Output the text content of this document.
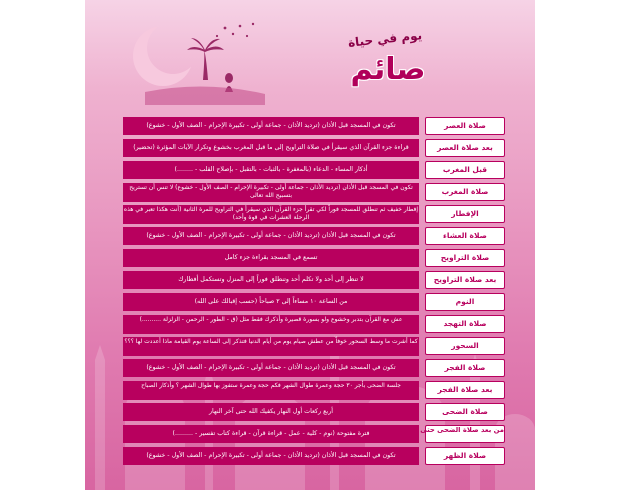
يوم في حياة
صائم
تكون في المسجد قبل الأذان (ترديد الأذان - جماعة أولى - تكبيرة الإحرام - الصف الأول - خشوع)	صلاة العصر
قراءة جزء القرآن الذي سيقرأ في صلاة التراويح إلى ما قبل المغرب بخشوع وتكرار الآيات المؤثرة (تحضير)	بعد صلاة العصر
أذكار المساء - الدعاء (بالمغفرة - بالثبات - بالتقبل - بإصلاح القلب - ........)	قبل المغرب
تكون في المسجد قبل الأذان (ترديد الأذان - جماعة أولى - تكبيرة الإحرام - الصف الأول - خشوع) لا تنس أن تستريح بتسبيح الله تعالى	صلاة المغرب
إفطار خفيف ثم تنطلق للمسجد فوراً لكي تقرأ جزء القرآن الذي سيقرأ في التراويح للمرة الثانية (أنت هكذا تعبر في هذه الرحلة العشرات في قوة وأحد)	الإفطار
تكون في المسجد قبل الأذان (ترديد الأذان - جماعة أولى - تكبيرة الإحرام - الصف الأول - خشوع)	صلاة العشاء
تسمع في المسجد بقراءة جزء كامل	صلاة التراويح
لا تنظر إلى أحد ولا تكلم أحد وتنطلق فوراً إلى المنزل وتستكمل أفطارك	بعد صلاة التراويح
من الساعة ١٠ مساءاً إلى ٢ صباحاً (حسب إقبالك على الله)	النوم
عش مع القرآن بتدبر وخشوع ولو بسورة قصيرة وأذكرك فقط مثل (ق - الطور - الرحمن - الزلزلة ..........)	صلاة التهجد
كما أشرت ما وسط السحور خوفاً من عطش صيام يوم من أيام الدنيا فتذكر إلى الساعة يوم القيامة ماذا أعددت لها ؟؟؟	السحور
تكون في المسجد قبل الأذان (ترديد الأذان - جماعة أولى - تكبيرة الإحرام - الصف الأول - خشوع)	صلاة الفجر
جلسة الضحى بأجر ٣٠ حجة وعمرة طوال الشهر فكم حجة وعمرة ستفوز بها طوال الشهر ؟ وأذكار الصباح	بعد صلاة الفجر
أربع ركعات أول النهار يكفيك الله حتى آخر النهار	صلاة الضحى
فترة مفتوحة (نوم - كلية - عمل - قراءة قرآن - قراءة كتاب تفسير - .........)	من بعد صلاة الضحى حتى الظهر
تكون في المسجد قبل الأذان (ترديد الأذان - جماعة أولى - تكبيرة الإحرام - الصف الأول - خشوع)	صلاة الظهر
